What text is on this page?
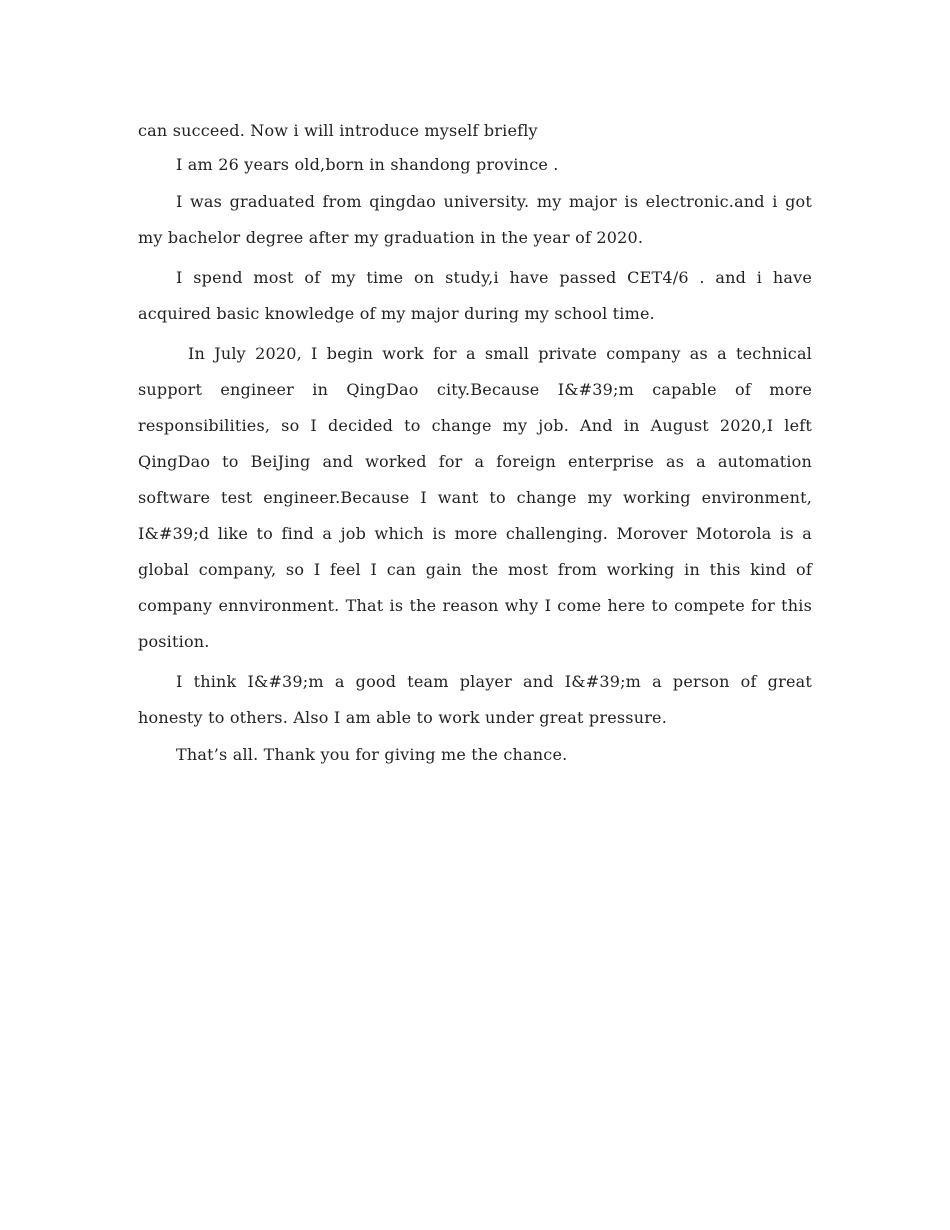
can succeed. Now i will introduce myself briefly

I am 26 years old,born in shandong province .

I was graduated from qingdao university. my major is electronic.and i got my bachelor degree after my graduation in the year of 2020.

I spend most of my time on study,i have passed CET4/6 . and i have acquired basic knowledge of my major during my school time.

In July 2020, I begin work for a small private company as a technical support engineer in QingDao city.Because I&#39;m capable of more responsibilities, so I decided to change my job. And in August 2020,I left QingDao to BeiJing and worked for a foreign enterprise as a automation software test engineer.Because I want to change my working environment, I&#39;d like to find a job which is more challenging. Morover Motorola is a global company, so I feel I can gain the most from working in this kind of company ennvironment. That is the reason why I come here to compete for this position.

I think I&#39;m a good team player and I&#39;m a person of great honesty to others. Also I am able to work under great pressure.

That’s all. Thank you for giving me the chance.
